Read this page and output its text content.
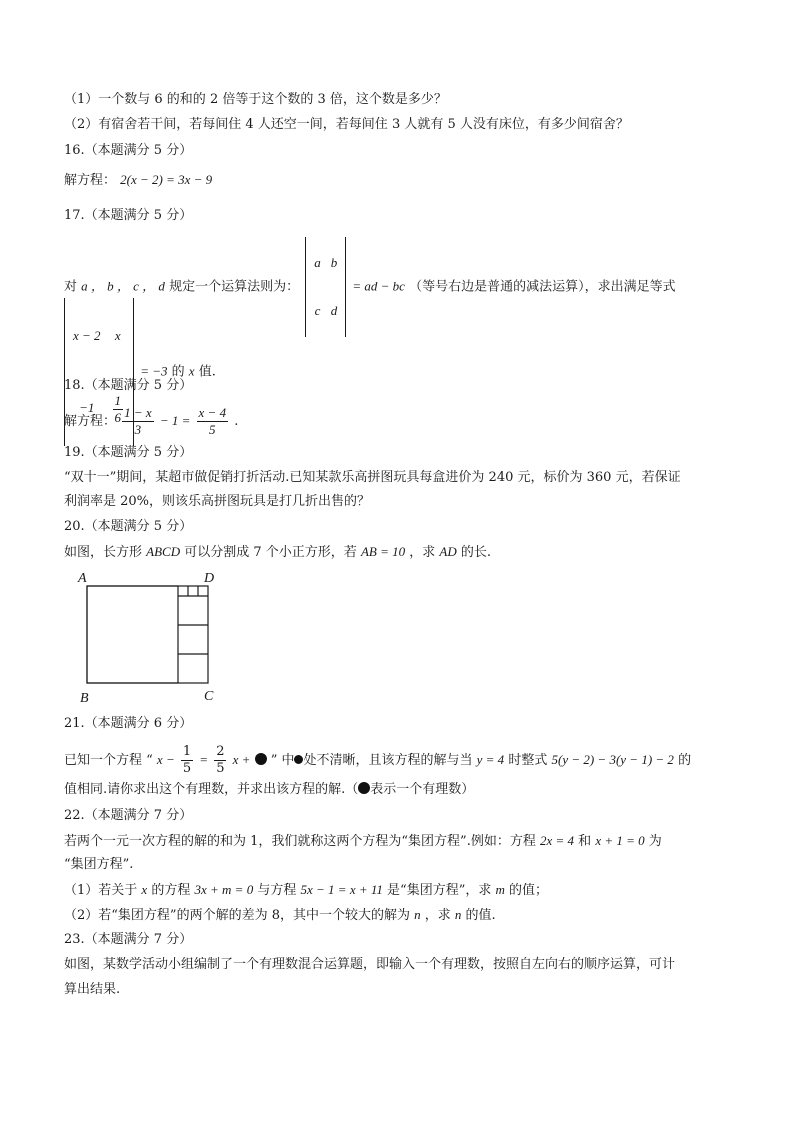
（1）一个数与 6 的和的 2 倍等于这个数的 3 倍，这个数是多少？
（2）有宿舍若干间，若每间住 4 人还空一间，若每间住 3 人就有 5 人没有床位，有多少间宿舍？
16.（本题满分 5 分）
解方程： 2(x − 2) = 3x − 9
17.（本题满分 5 分）
对 a ， b ， c ， d 规定一个运算法则为：
a	b
c	d
= ad − bc （等号右边是普通的减法运算），求出满足等式
x − 2	x
−1	$\frac{1}{6}$
= −3 的 x 值.
18.（本题满分 5 分）
解方程： $\frac{1 - x}{3} - 1 = \frac{x - 4}{5}$ .
19.（本题满分 5 分）
“双十一”期间，某超市做促销打折活动.已知某款乐高拼图玩具每盒进价为 240 元，标价为 360 元，若保证
利润率是 20%，则该乐高拼图玩具是打几折出售的？
20.（本题满分 5 分）
如图，长方形 ABCD 可以分割成 7 个小正方形，若 AB = 10 ，求 AD 的长.
A	D
B	C
21.（本题满分 6 分）
已知一个方程 “ $x - \frac{1}{5} = \frac{2}{5}$ x + ” 中 处不清晰，且该方程的解与当 y = 4 时整式 5(y − 2) − 3(y − 1) − 2 的
值相同.请你求出这个有理数，并求出该方程的解.（ 表示一个有理数）
22.（本题满分 7 分）
若两个一元一次方程的解的和为 1，我们就称这两个方程为“集团方程”.例如：方程 2x = 4 和 x + 1 = 0 为
“集团方程”.
（1）若关于 x 的方程 3x + m = 0 与方程 5x − 1 = x + 11 是“集团方程”，求 m 的值；
（2）若“集团方程”的两个解的差为 8，其中一个较大的解为 n ，求 n 的值.
23.（本题满分 7 分）
如图，某数学活动小组编制了一个有理数混合运算题，即输入一个有理数，按照自左向右的顺序运算，可计
算出结果.
